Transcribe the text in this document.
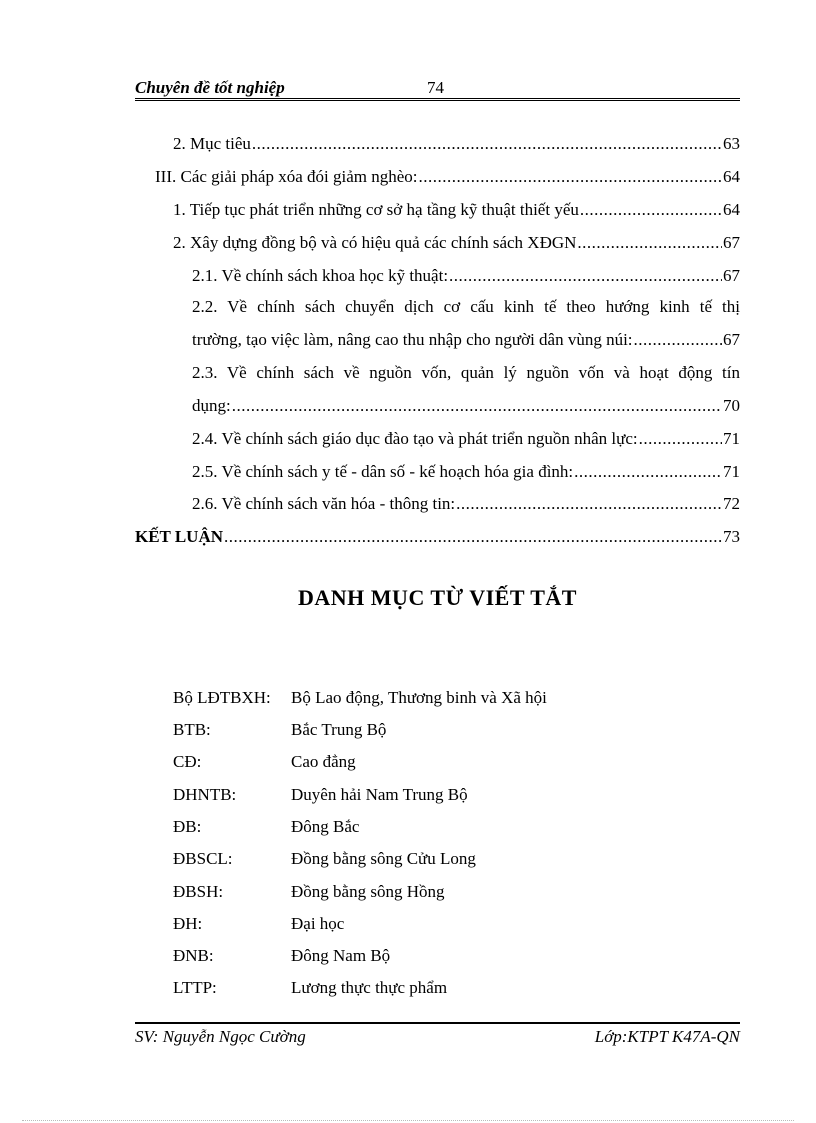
Chuyên đề tốt nghiệp	74
2. Mục tiêu .....	63
III. Các giải pháp xóa đói giảm nghèo: .....	64
1. Tiếp tục phát triển những cơ sở hạ tầng kỹ thuật thiết yếu .....	64
2. Xây dựng đồng bộ và có hiệu quả các chính sách XĐGN .....	67
2.1. Về chính sách khoa học kỹ thuật: .....	67
2.2. Về chính sách chuyển dịch cơ cấu kinh tế theo hướng kinh tế thị
trường, tạo việc làm, nâng cao thu nhập cho người dân vùng núi: .....	67
2.3. Về chính sách về nguồn vốn, quản lý nguồn vốn và hoạt động tín
dụng: .....	70
2.4. Về chính sách giáo dục đào tạo và phát triển nguồn nhân lực: .....	71
2.5. Về chính sách y tế - dân số - kế hoạch hóa gia đình: .....	71
2.6. Về chính sách văn hóa - thông tin: .....	72
KẾT LUẬN .....	73
DANH MỤC TỪ VIẾT TẮT
Bộ LĐTBXH: Bộ Lao động, Thương binh và Xã hội
BTB:	Bắc Trung Bộ
CĐ:	Cao đẳng
DHNTB:	Duyên hải Nam Trung Bộ
ĐB:	Đông Bắc
ĐBSCL:	Đồng bằng sông Cửu Long
ĐBSH:	Đồng bằng sông Hồng
ĐH:	Đại học
ĐNB:	Đông Nam Bộ
LTTP:	Lương thực thực phẩm
SV: Nguyễn Ngọc Cường	Lớp:KTPT K47A-QN
